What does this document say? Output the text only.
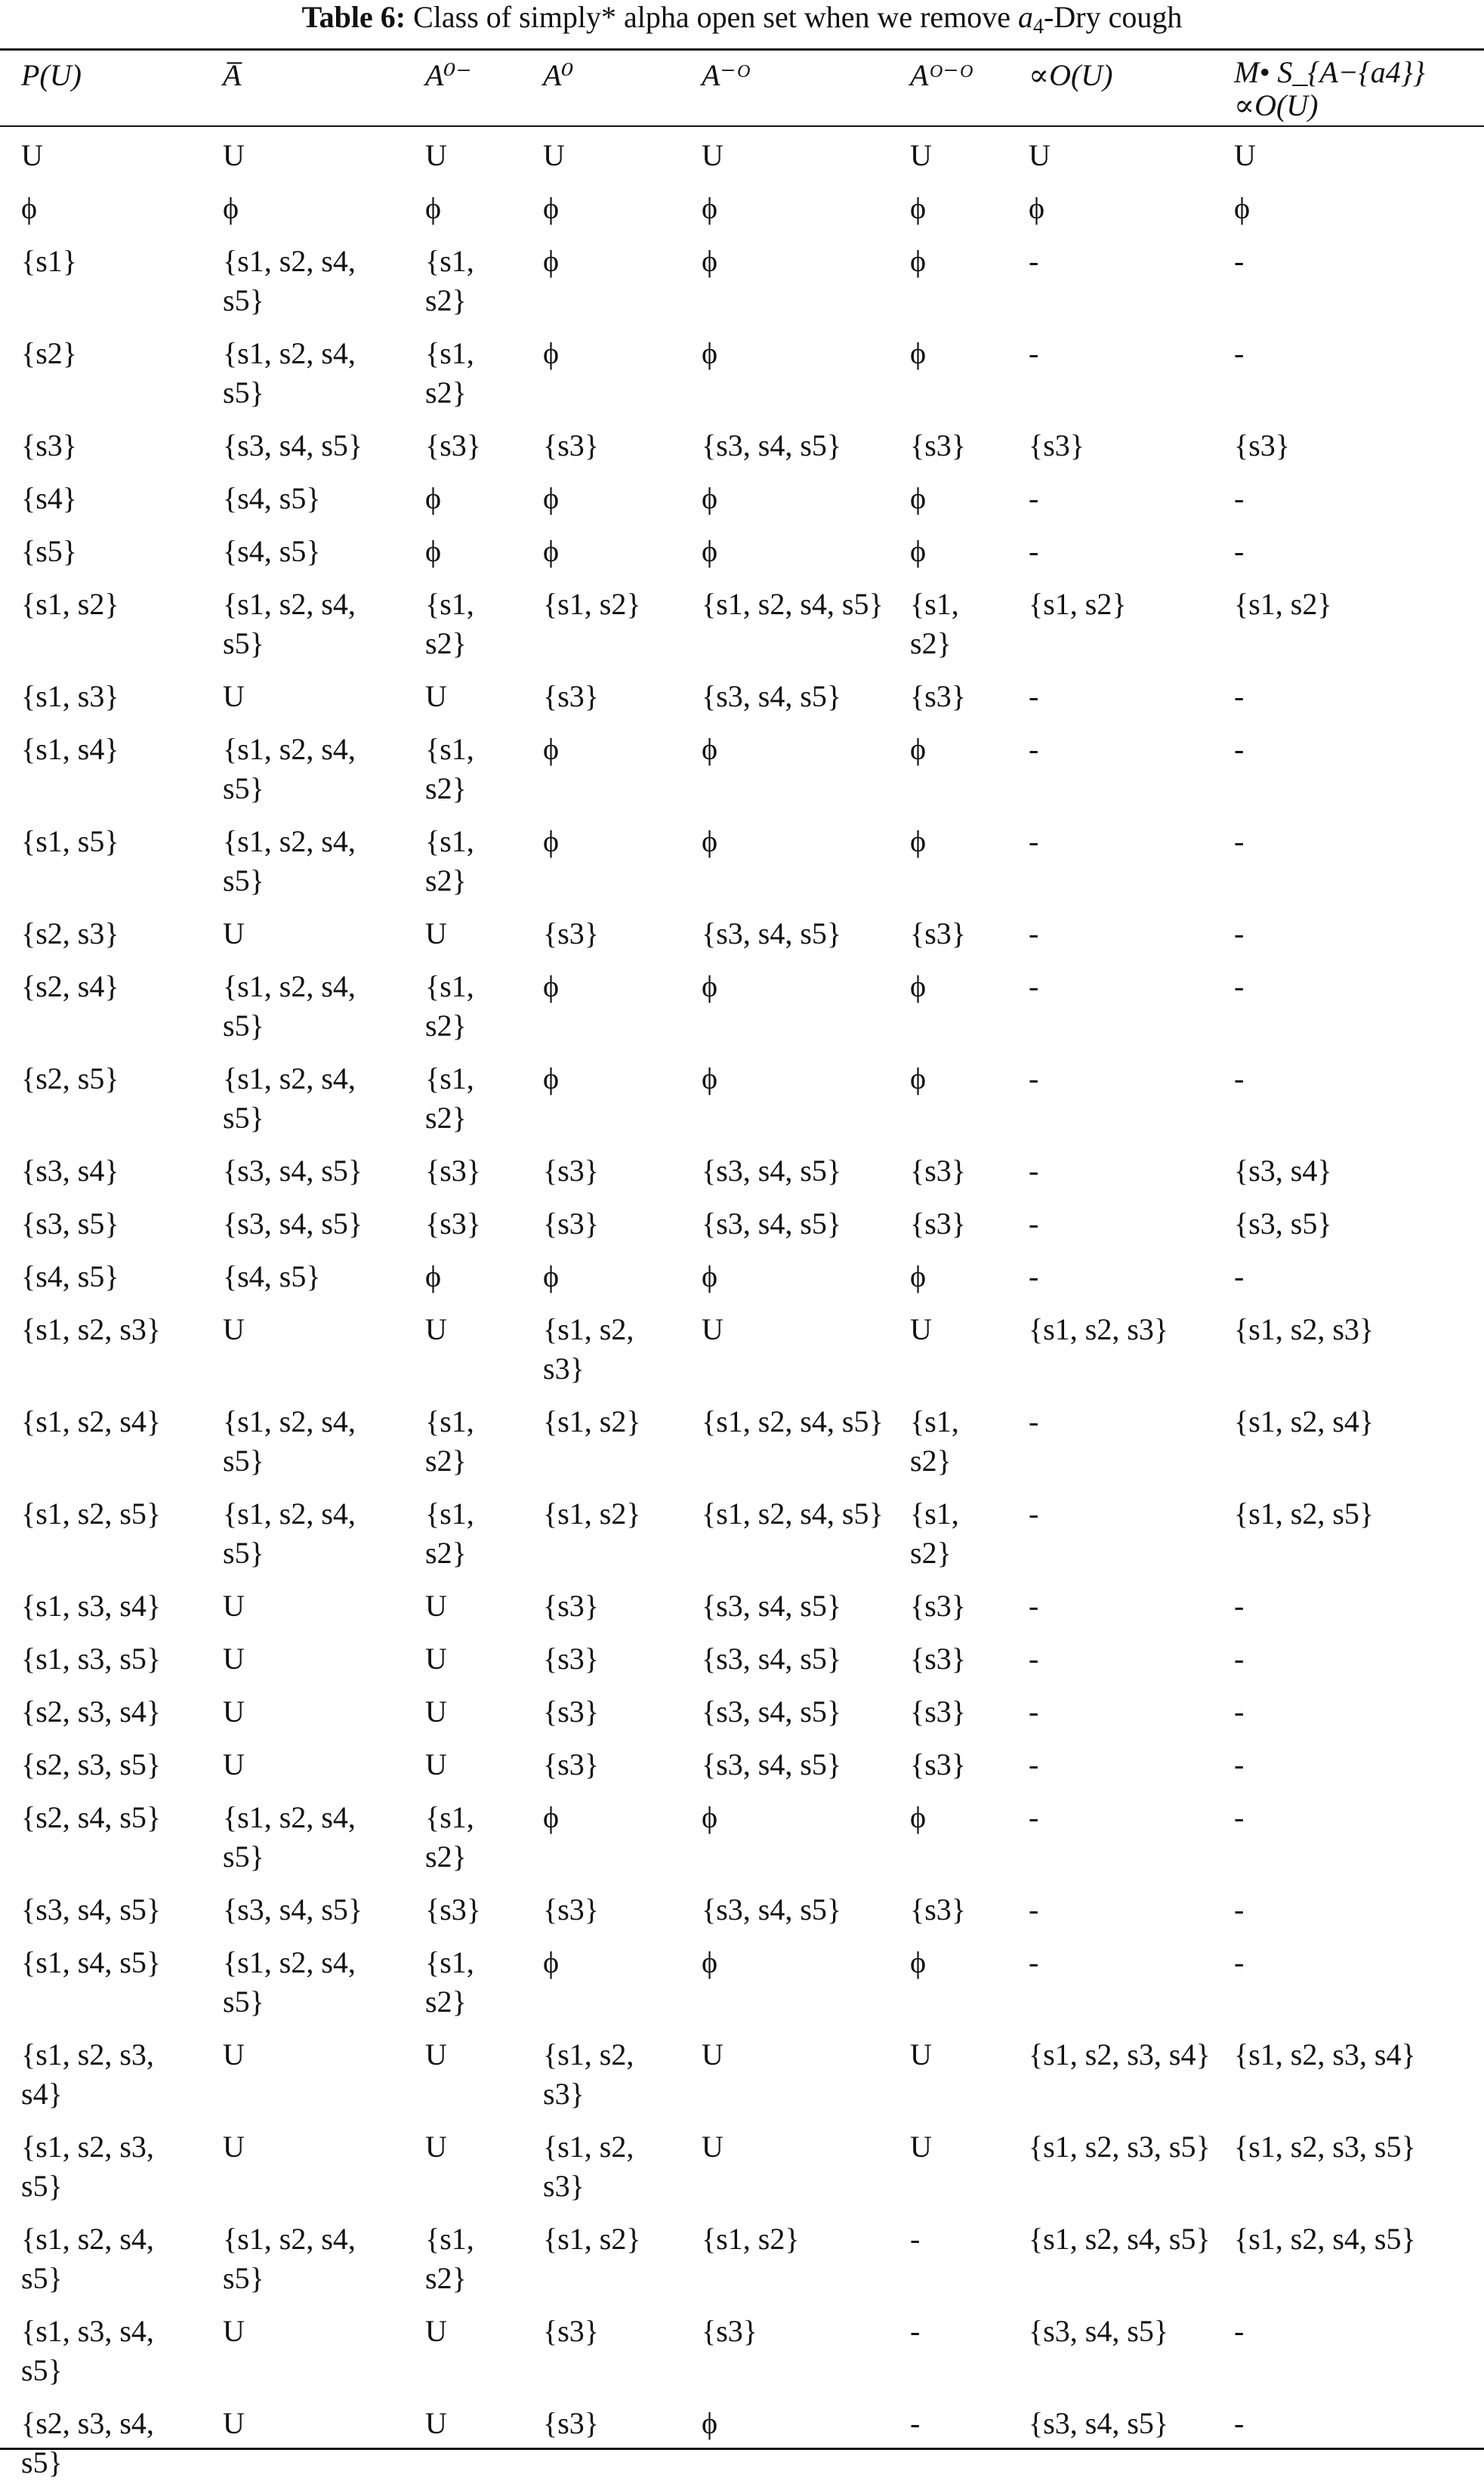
Table 6: Class of simply* alpha open set when we remove $a_4$-Dry cough
P(U)	A̅	A⁰⁻	A⁰	A⁻ᴼ	Aᴼ⁻ᴼ	∝O(U)	M• S_{A−{a4}} ∝O(U)
U	U	U	U	U	U	U	U
ϕ	ϕ	ϕ	ϕ	ϕ	ϕ	ϕ	ϕ
{s1}	{s1, s2, s4, s5}	{s1, s2}	ϕ	ϕ	ϕ	-	-
{s2}	{s1, s2, s4, s5}	{s1, s2}	ϕ	ϕ	ϕ	-	-
{s3}	{s3, s4, s5}	{s3}	{s3}	{s3, s4, s5}	{s3}	{s3}	{s3}
{s4}	{s4, s5}	ϕ	ϕ	ϕ	ϕ	-	-
{s5}	{s4, s5}	ϕ	ϕ	ϕ	ϕ	-	-
{s1, s2}	{s1, s2, s4, s5}	{s1, s2}	{s1, s2}	{s1, s2, s4, s5}	{s1, s2}	{s1, s2}	{s1, s2}
{s1, s3}	U	U	{s3}	{s3, s4, s5}	{s3}	-	-
{s1, s4}	{s1, s2, s4, s5}	{s1, s2}	ϕ	ϕ	ϕ	-	-
{s1, s5}	{s1, s2, s4, s5}	{s1, s2}	ϕ	ϕ	ϕ	-	-
{s2, s3}	U	U	{s3}	{s3, s4, s5}	{s3}	-	-
{s2, s4}	{s1, s2, s4, s5}	{s1, s2}	ϕ	ϕ	ϕ	-	-
{s2, s5}	{s1, s2, s4, s5}	{s1, s2}	ϕ	ϕ	ϕ	-	-
{s3, s4}	{s3, s4, s5}	{s3}	{s3}	{s3, s4, s5}	{s3}	-	{s3, s4}
{s3, s5}	{s3, s4, s5}	{s3}	{s3}	{s3, s4, s5}	{s3}	-	{s3, s5}
{s4, s5}	{s4, s5}	ϕ	ϕ	ϕ	ϕ	-	-
{s1, s2, s3}	U	U	{s1, s2, s3}	U	U	{s1, s2, s3}	{s1, s2, s3}
{s1, s2, s4}	{s1, s2, s4, s5}	{s1, s2}	{s1, s2}	{s1, s2, s4, s5}	{s1, s2}	-	{s1, s2, s4}
{s1, s2, s5}	{s1, s2, s4, s5}	{s1, s2}	{s1, s2}	{s1, s2, s4, s5}	{s1, s2}	-	{s1, s2, s5}
{s1, s3, s4}	U	U	{s3}	{s3, s4, s5}	{s3}	-	-
{s1, s3, s5}	U	U	{s3}	{s3, s4, s5}	{s3}	-	-
{s2, s3, s4}	U	U	{s3}	{s3, s4, s5}	{s3}	-	-
{s2, s3, s5}	U	U	{s3}	{s3, s4, s5}	{s3}	-	-
{s2, s4, s5}	{s1, s2, s4, s5}	{s1, s2}	ϕ	ϕ	ϕ	-	-
{s3, s4, s5}	{s3, s4, s5}	{s3}	{s3}	{s3, s4, s5}	{s3}	-	-
{s1, s4, s5}	{s1, s2, s4, s5}	{s1, s2}	ϕ	ϕ	ϕ	-	-
{s1, s2, s3, s4}	U	U	{s1, s2, s3}	U	U	{s1, s2, s3, s4}	{s1, s2, s3, s4}
{s1, s2, s3, s5}	U	U	{s1, s2, s3}	U	U	{s1, s2, s3, s5}	{s1, s2, s3, s5}
{s1, s2, s4, s5}	{s1, s2, s4, s5}	{s1, s2}	{s1, s2}	{s1, s2}	-	{s1, s2, s4, s5}	{s1, s2, s4, s5}
{s1, s3, s4, s5}	U	U	{s3}	{s3}	-	{s3, s4, s5}	-
{s2, s3, s4, s5}	U	U	{s3}	ϕ	-	{s3, s4, s5}	-
